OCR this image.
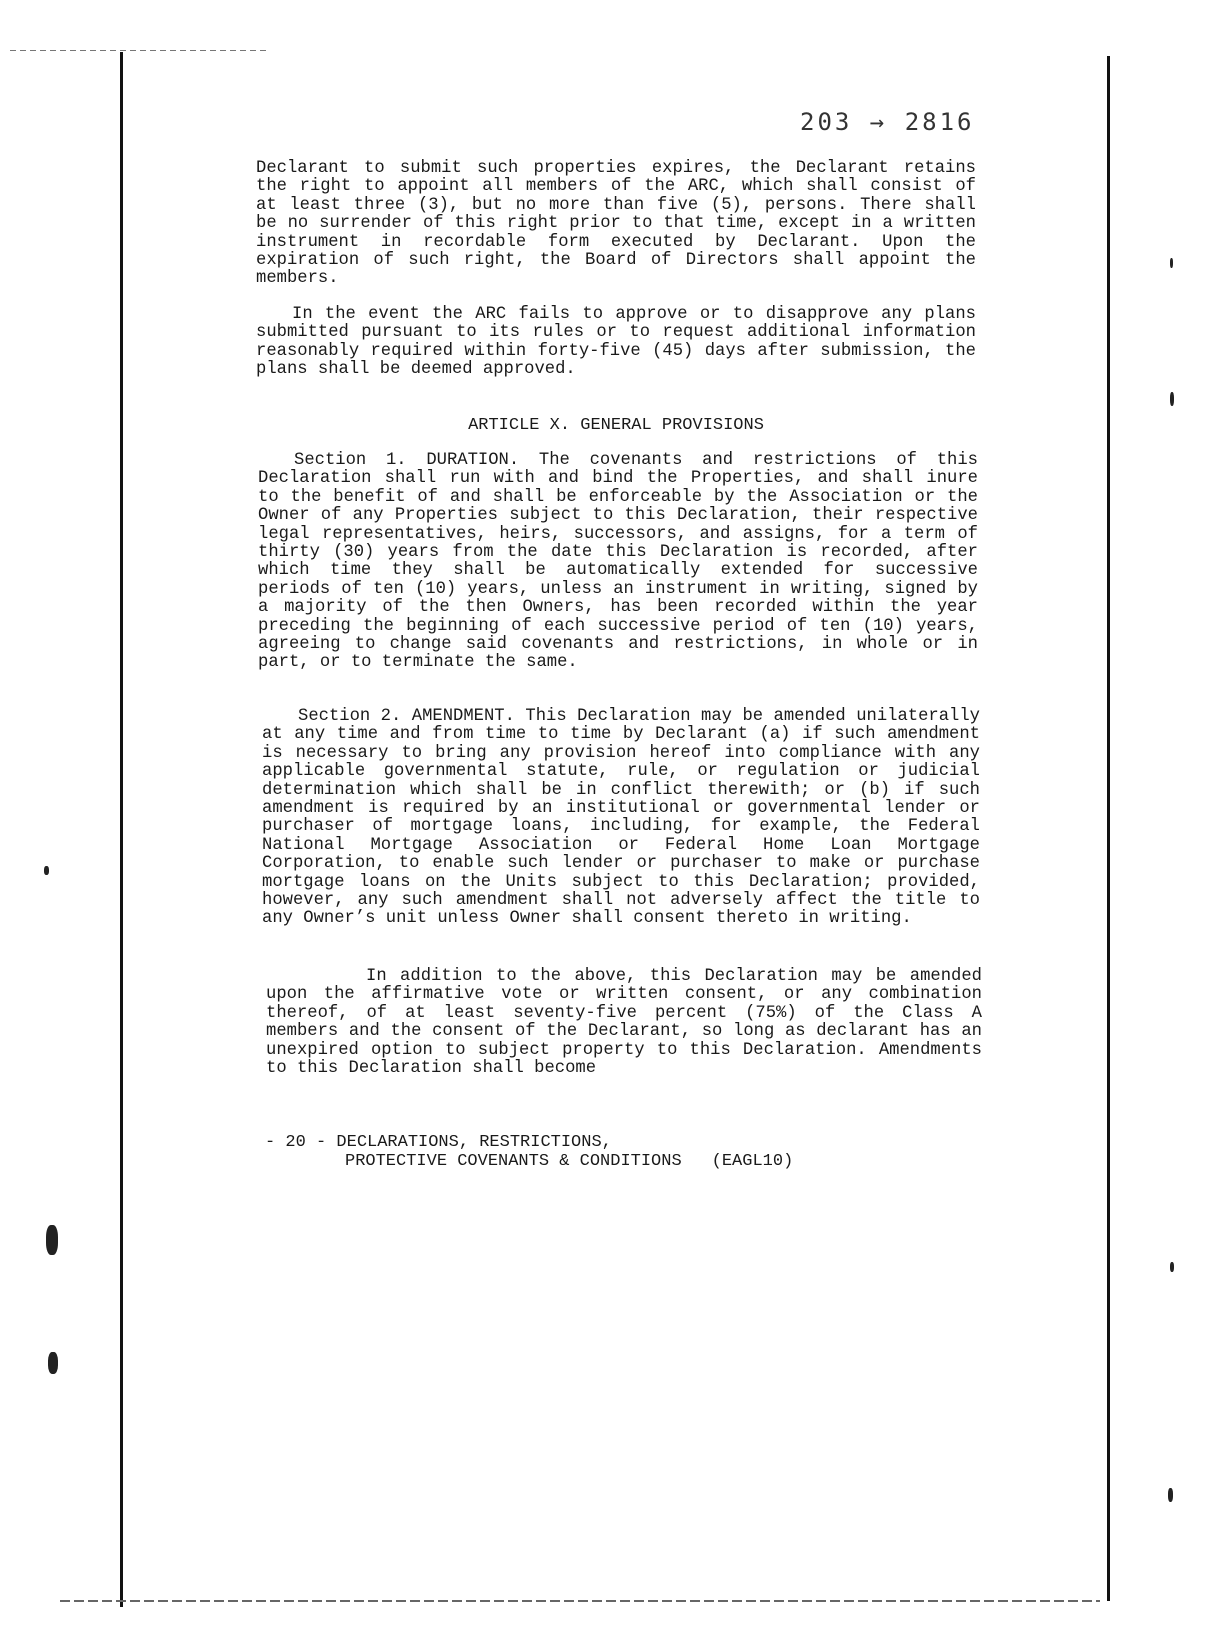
203 → 2816

Declarant to submit such properties expires, the Declarant retains the right to appoint all members of the ARC, which shall consist of at least three (3), but no more than five (5), persons. There shall be no surrender of this right prior to that time, except in a written instrument in recordable form executed by Declarant. Upon the expiration of such right, the Board of Directors shall appoint the members.

In the event the ARC fails to approve or to disapprove any plans submitted pursuant to its rules or to request additional information reasonably required within forty-five (45) days after submission, the plans shall be deemed approved.

ARTICLE X. GENERAL PROVISIONS

Section 1. DURATION. The covenants and restrictions of this Declaration shall run with and bind the Properties, and shall inure to the benefit of and shall be enforceable by the Association or the Owner of any Properties subject to this Declaration, their respective legal representatives, heirs, successors, and assigns, for a term of thirty (30) years from the date this Declaration is recorded, after which time they shall be automatically extended for successive periods of ten (10) years, unless an instrument in writing, signed by a majority of the then Owners, has been recorded within the year preceding the beginning of each successive period of ten (10) years, agreeing to change said covenants and restrictions, in whole or in part, or to terminate the same.

Section 2. AMENDMENT. This Declaration may be amended unilaterally at any time and from time to time by Declarant (a) if such amendment is necessary to bring any provision hereof into compliance with any applicable governmental statute, rule, or regulation or judicial determination which shall be in conflict therewith; or (b) if such amendment is required by an institutional or governmental lender or purchaser of mortgage loans, including, for example, the Federal National Mortgage Association or Federal Home Loan Mortgage Corporation, to enable such lender or purchaser to make or purchase mortgage loans on the Units subject to this Declaration; provided, however, any such amendment shall not adversely affect the title to any Owner’s unit unless Owner shall consent thereto in writing.

In addition to the above, this Declaration may be amended upon the affirmative vote or written consent, or any combination thereof, of at least seventy-five percent (75%) of the Class A members and the consent of the Declarant, so long as declarant has an unexpired option to subject property to this Declaration. Amendments to this Declaration shall become

- 20 - DECLARATIONS, RESTRICTIONS,
PROTECTIVE COVENANTS & CONDITIONS (EAGL10)
